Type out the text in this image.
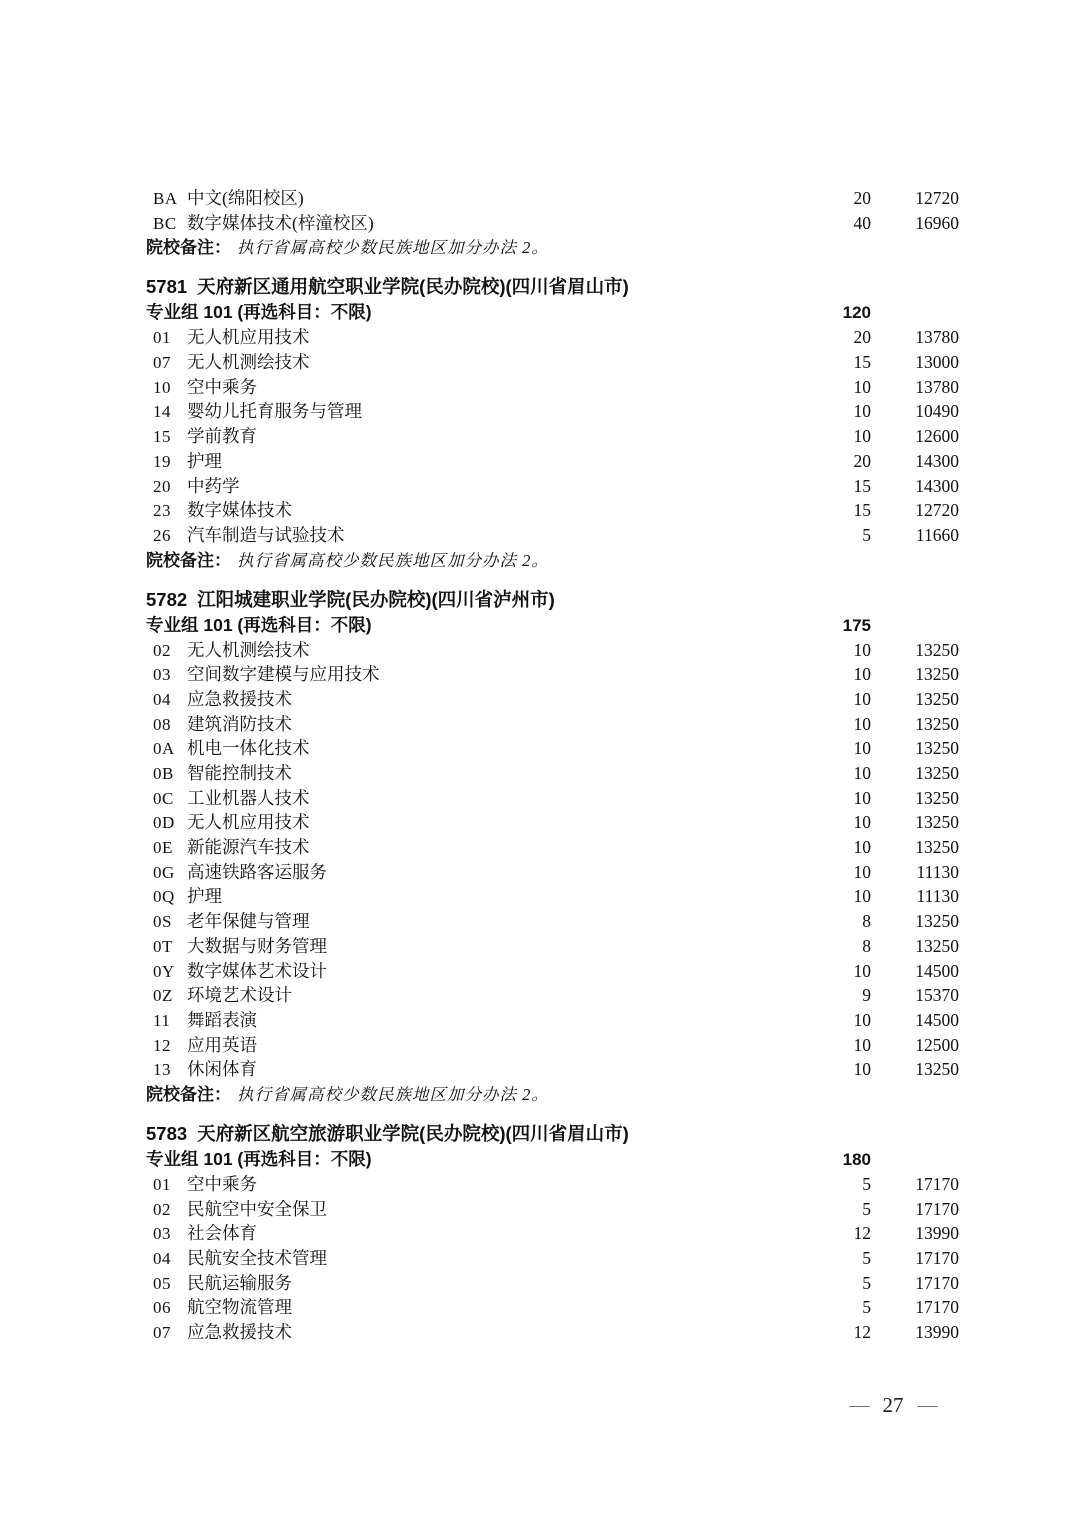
BA 中文(绵阳校区)	20	12720
BC 数字媒体技术(梓潼校区)	40	16960
院校备注： 执行省属高校少数民族地区加分办法 2。
5781 天府新区通用航空职业学院(民办院校)(四川省眉山市)
专业组 101 (再选科目：不限)	120
01 无人机应用技术	20	13780
07 无人机测绘技术	15	13000
10 空中乘务	10	13780
14 婴幼儿托育服务与管理	10	10490
15 学前教育	10	12600
19 护理	20	14300
20 中药学	15	14300
23 数字媒体技术	15	12720
26 汽车制造与试验技术	5	11660
院校备注： 执行省属高校少数民族地区加分办法 2。
5782 江阳城建职业学院(民办院校)(四川省泸州市)
专业组 101 (再选科目：不限)	175
02 无人机测绘技术	10	13250
03 空间数字建模与应用技术	10	13250
04 应急救援技术	10	13250
08 建筑消防技术	10	13250
0A 机电一体化技术	10	13250
0B 智能控制技术	10	13250
0C 工业机器人技术	10	13250
0D 无人机应用技术	10	13250
0E 新能源汽车技术	10	13250
0G 高速铁路客运服务	10	11130
0Q 护理	10	11130
0S 老年保健与管理	8	13250
0T 大数据与财务管理	8	13250
0Y 数字媒体艺术设计	10	14500
0Z 环境艺术设计	9	15370
11 舞蹈表演	10	14500
12 应用英语	10	12500
13 休闲体育	10	13250
院校备注： 执行省属高校少数民族地区加分办法 2。
5783 天府新区航空旅游职业学院(民办院校)(四川省眉山市)
专业组 101 (再选科目：不限)	180
01 空中乘务	5	17170
02 民航空中安全保卫	5	17170
03 社会体育	12	13990
04 民航安全技术管理	5	17170
05 民航运输服务	5	17170
06 航空物流管理	5	17170
07 应急救援技术	12	13990
— 27 —
